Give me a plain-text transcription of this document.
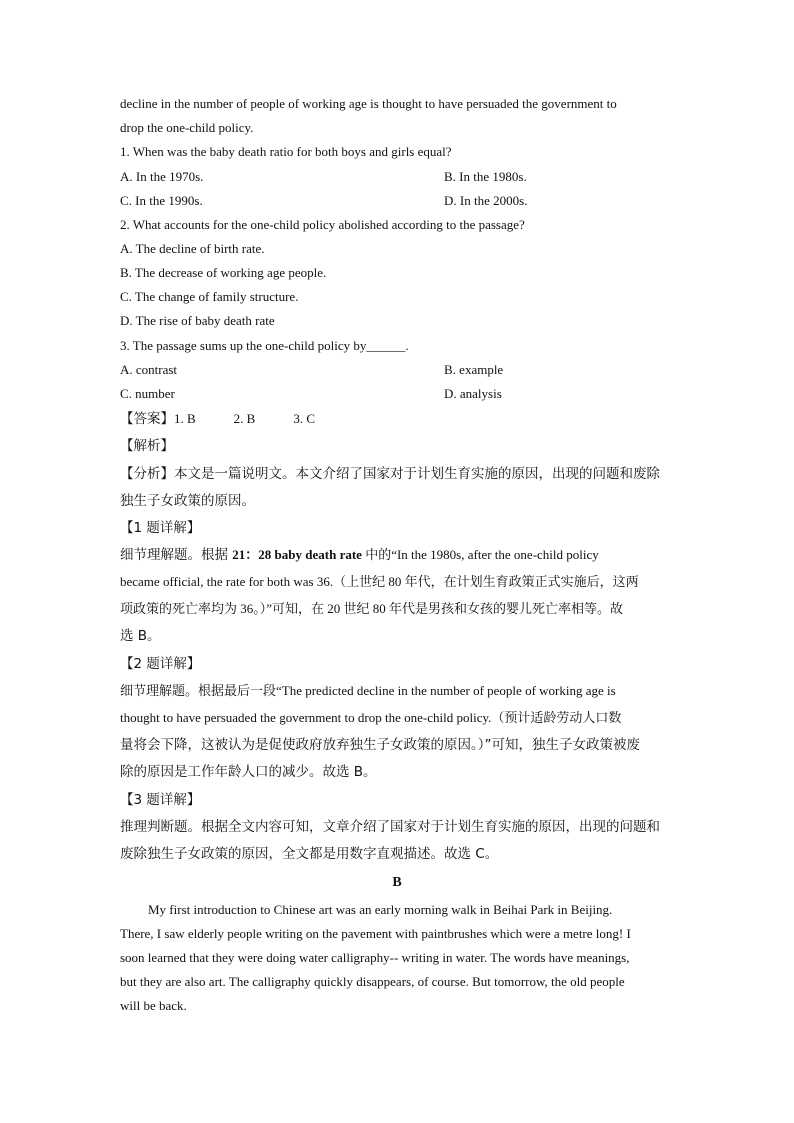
decline in the number of people of working age is thought to have persuaded the government to
drop the one-child policy.
1. When was the baby death ratio for both boys and girls equal?
A. In the 1970s.	B. In the 1980s.
C. In the 1990s.	D. In the 2000s.
2. What accounts for the one-child policy abolished according to the passage?
A. The decline of birth rate.
B. The decrease of working age people.
C. The change of family structure.
D. The rise of baby death rate
3. The passage sums up the one-child policy by______.
A. contrast	B. example
C. number	D. analysis
【答案】1. B	2. B	3. C
【解析】
【分析】本文是一篇说明文。本文介绍了国家对于计划生育实施的原因，出现的问题和废除
独生子女政策的原因。
【1 题详解】
细节理解题。根据 21：28 baby death rate 中的“In the 1980s, after the one-child policy
became official, the rate for both was 36.（上世纪 80 年代，在计划生育政策正式实施后，这两
项政策的死亡率均为 36。）”可知，在 20 世纪 80 年代是男孩和女孩的婴儿死亡率相等。故
选 B。
【2 题详解】
细节理解题。根据最后一段“The predicted decline in the number of people of working age is
thought to have persuaded the government to drop the one-child policy.（预计适龄劳动人口数
量将会下降，这被认为是促使政府放弃独生子女政策的原因。）”可知，独生子女政策被废
除的原因是工作年龄人口的减少。故选 B。
【3 题详解】
推理判断题。根据全文内容可知，文章介绍了国家对于计划生育实施的原因，出现的问题和
废除独生子女政策的原因，全文都是用数字直观描述。故选 C。
B
My first introduction to Chinese art was an early morning walk in Beihai Park in Beijing.
There, I saw elderly people writing on the pavement with paintbrushes which were a metre long! I
soon learned that they were doing water calligraphy-- writing in water. The words have meanings,
but they are also art. The calligraphy quickly disappears, of course. But tomorrow, the old people
will be back.
